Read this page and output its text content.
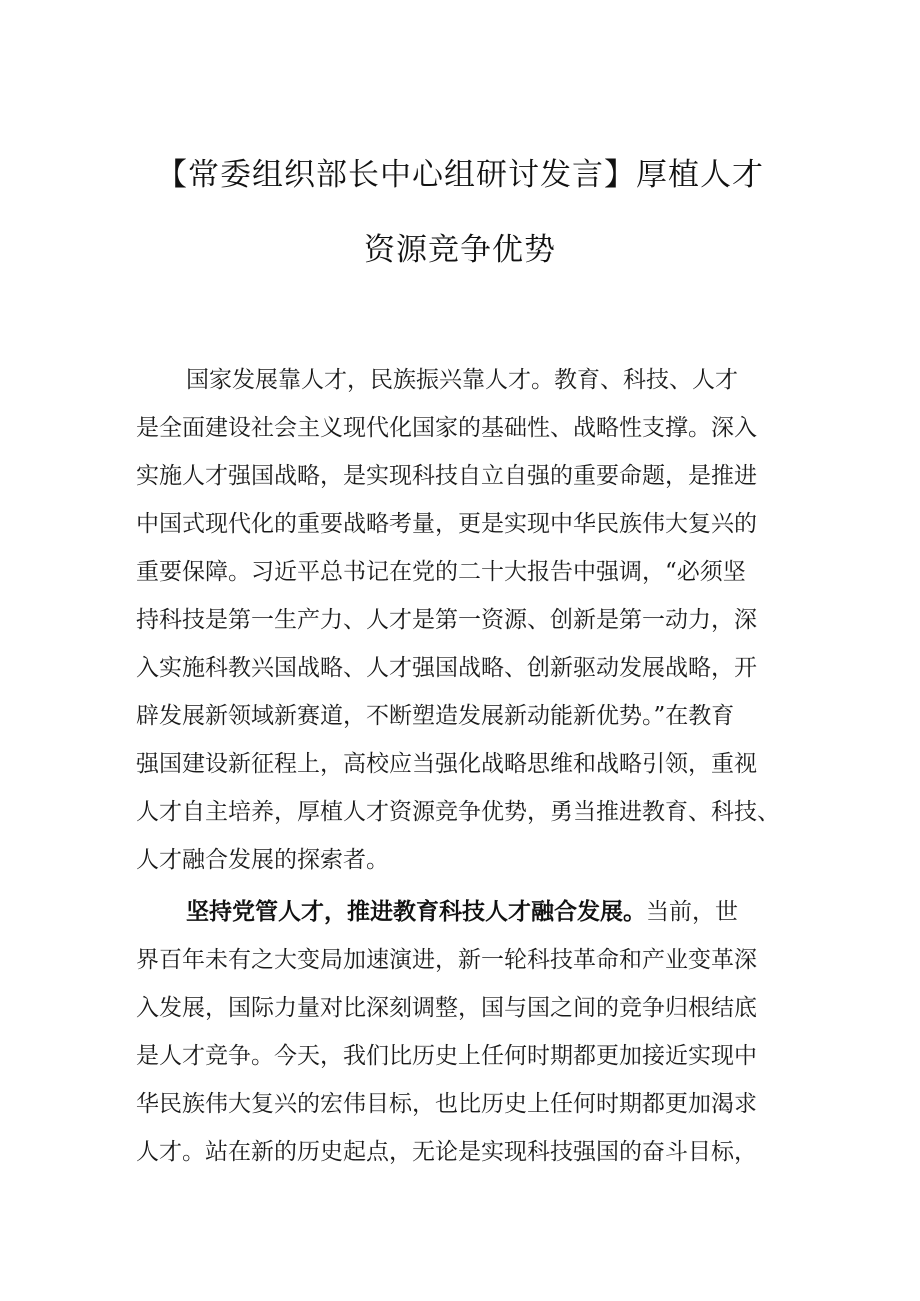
【常委组织部长中心组研讨发言】厚植人才
资源竞争优势
国家发展靠人才，民族振兴靠人才。教育、科技、人才
是全面建设社会主义现代化国家的基础性、战略性支撑。深入
实施人才强国战略，是实现科技自立自强的重要命题，是推进
中国式现代化的重要战略考量，更是实现中华民族伟大复兴的
重要保障。习近平总书记在党的二十大报告中强调，“必须坚
持科技是第一生产力、人才是第一资源、创新是第一动力，深
入实施科教兴国战略、人才强国战略、创新驱动发展战略，开
辟发展新领域新赛道，不断塑造发展新动能新优势。”在教育
强国建设新征程上，高校应当强化战略思维和战略引领，重视
人才自主培养，厚植人才资源竞争优势，勇当推进教育、科技、
人才融合发展的探索者。
坚持党管人才，推进教育科技人才融合发展。当前，世
界百年未有之大变局加速演进，新一轮科技革命和产业变革深
入发展，国际力量对比深刻调整，国与国之间的竞争归根结底
是人才竞争。今天，我们比历史上任何时期都更加接近实现中
华民族伟大复兴的宏伟目标，也比历史上任何时期都更加渴求
人才。站在新的历史起点，无论是实现科技强国的奋斗目标，
